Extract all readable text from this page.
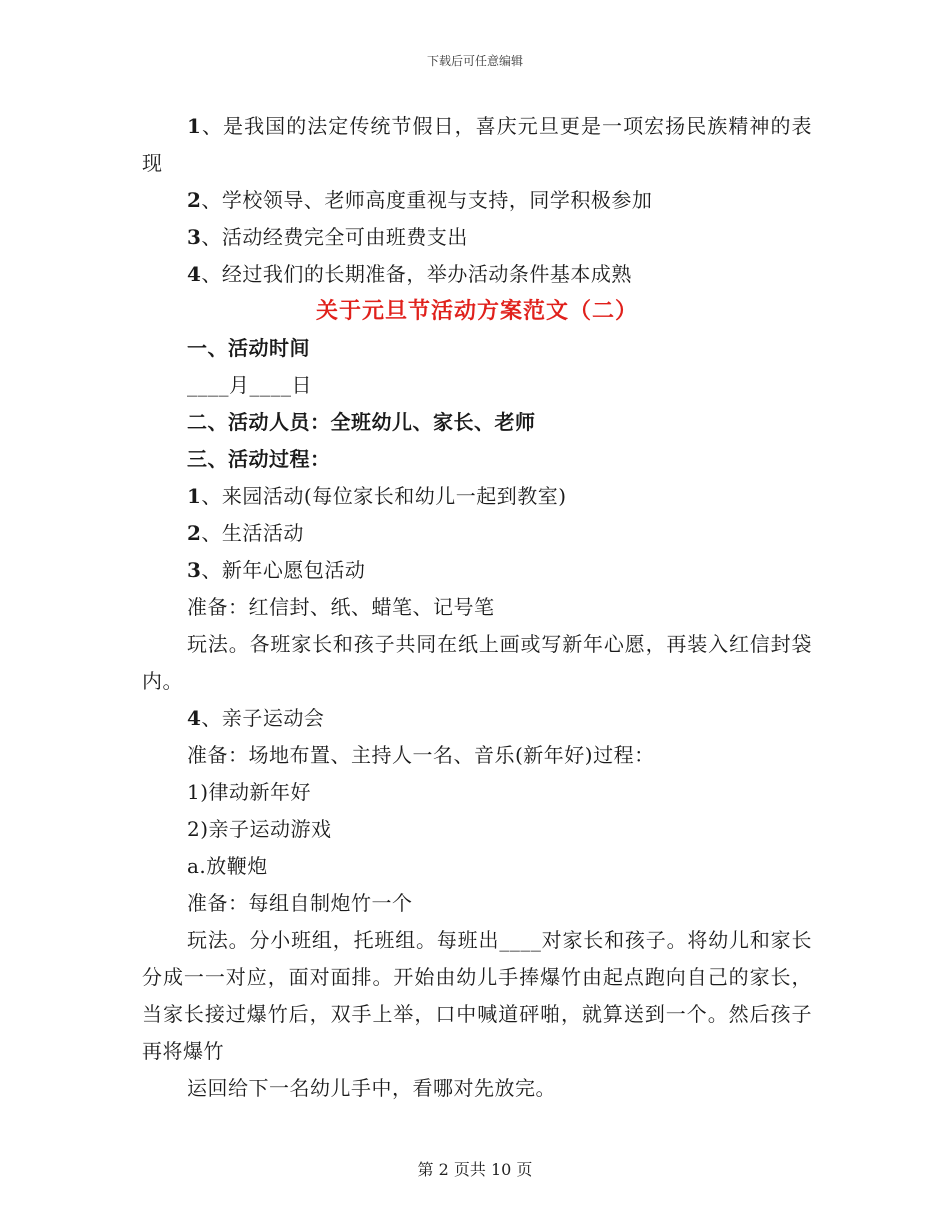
下载后可任意编辑

1、是我国的法定传统节假日，喜庆元旦更是一项宏扬民族精神的表现

2、学校领导、老师高度重视与支持，同学积极参加

3、活动经费完全可由班费支出

4、经过我们的长期准备，举办活动条件基本成熟

关于元旦节活动方案范文（二）

一、活动时间

____月____日

二、活动人员：全班幼儿、家长、老师

三、活动过程：

1、来园活动(每位家长和幼儿一起到教室)

2、生活活动

3、新年心愿包活动

准备：红信封、纸、蜡笔、记号笔

玩法。各班家长和孩子共同在纸上画或写新年心愿，再装入红信封袋内。

4、亲子运动会

准备：场地布置、主持人一名、音乐(新年好)过程：

1)律动新年好

2)亲子运动游戏

a.放鞭炮

准备：每组自制炮竹一个

玩法。分小班组，托班组。每班出____对家长和孩子。将幼儿和家长分成一一对应，面对面排。开始由幼儿手捧爆竹由起点跑向自己的家长，当家长接过爆竹后，双手上举，口中喊道砰啪，就算送到一个。然后孩子再将爆竹

运回给下一名幼儿手中，看哪对先放完。

第 2 页共 10 页
